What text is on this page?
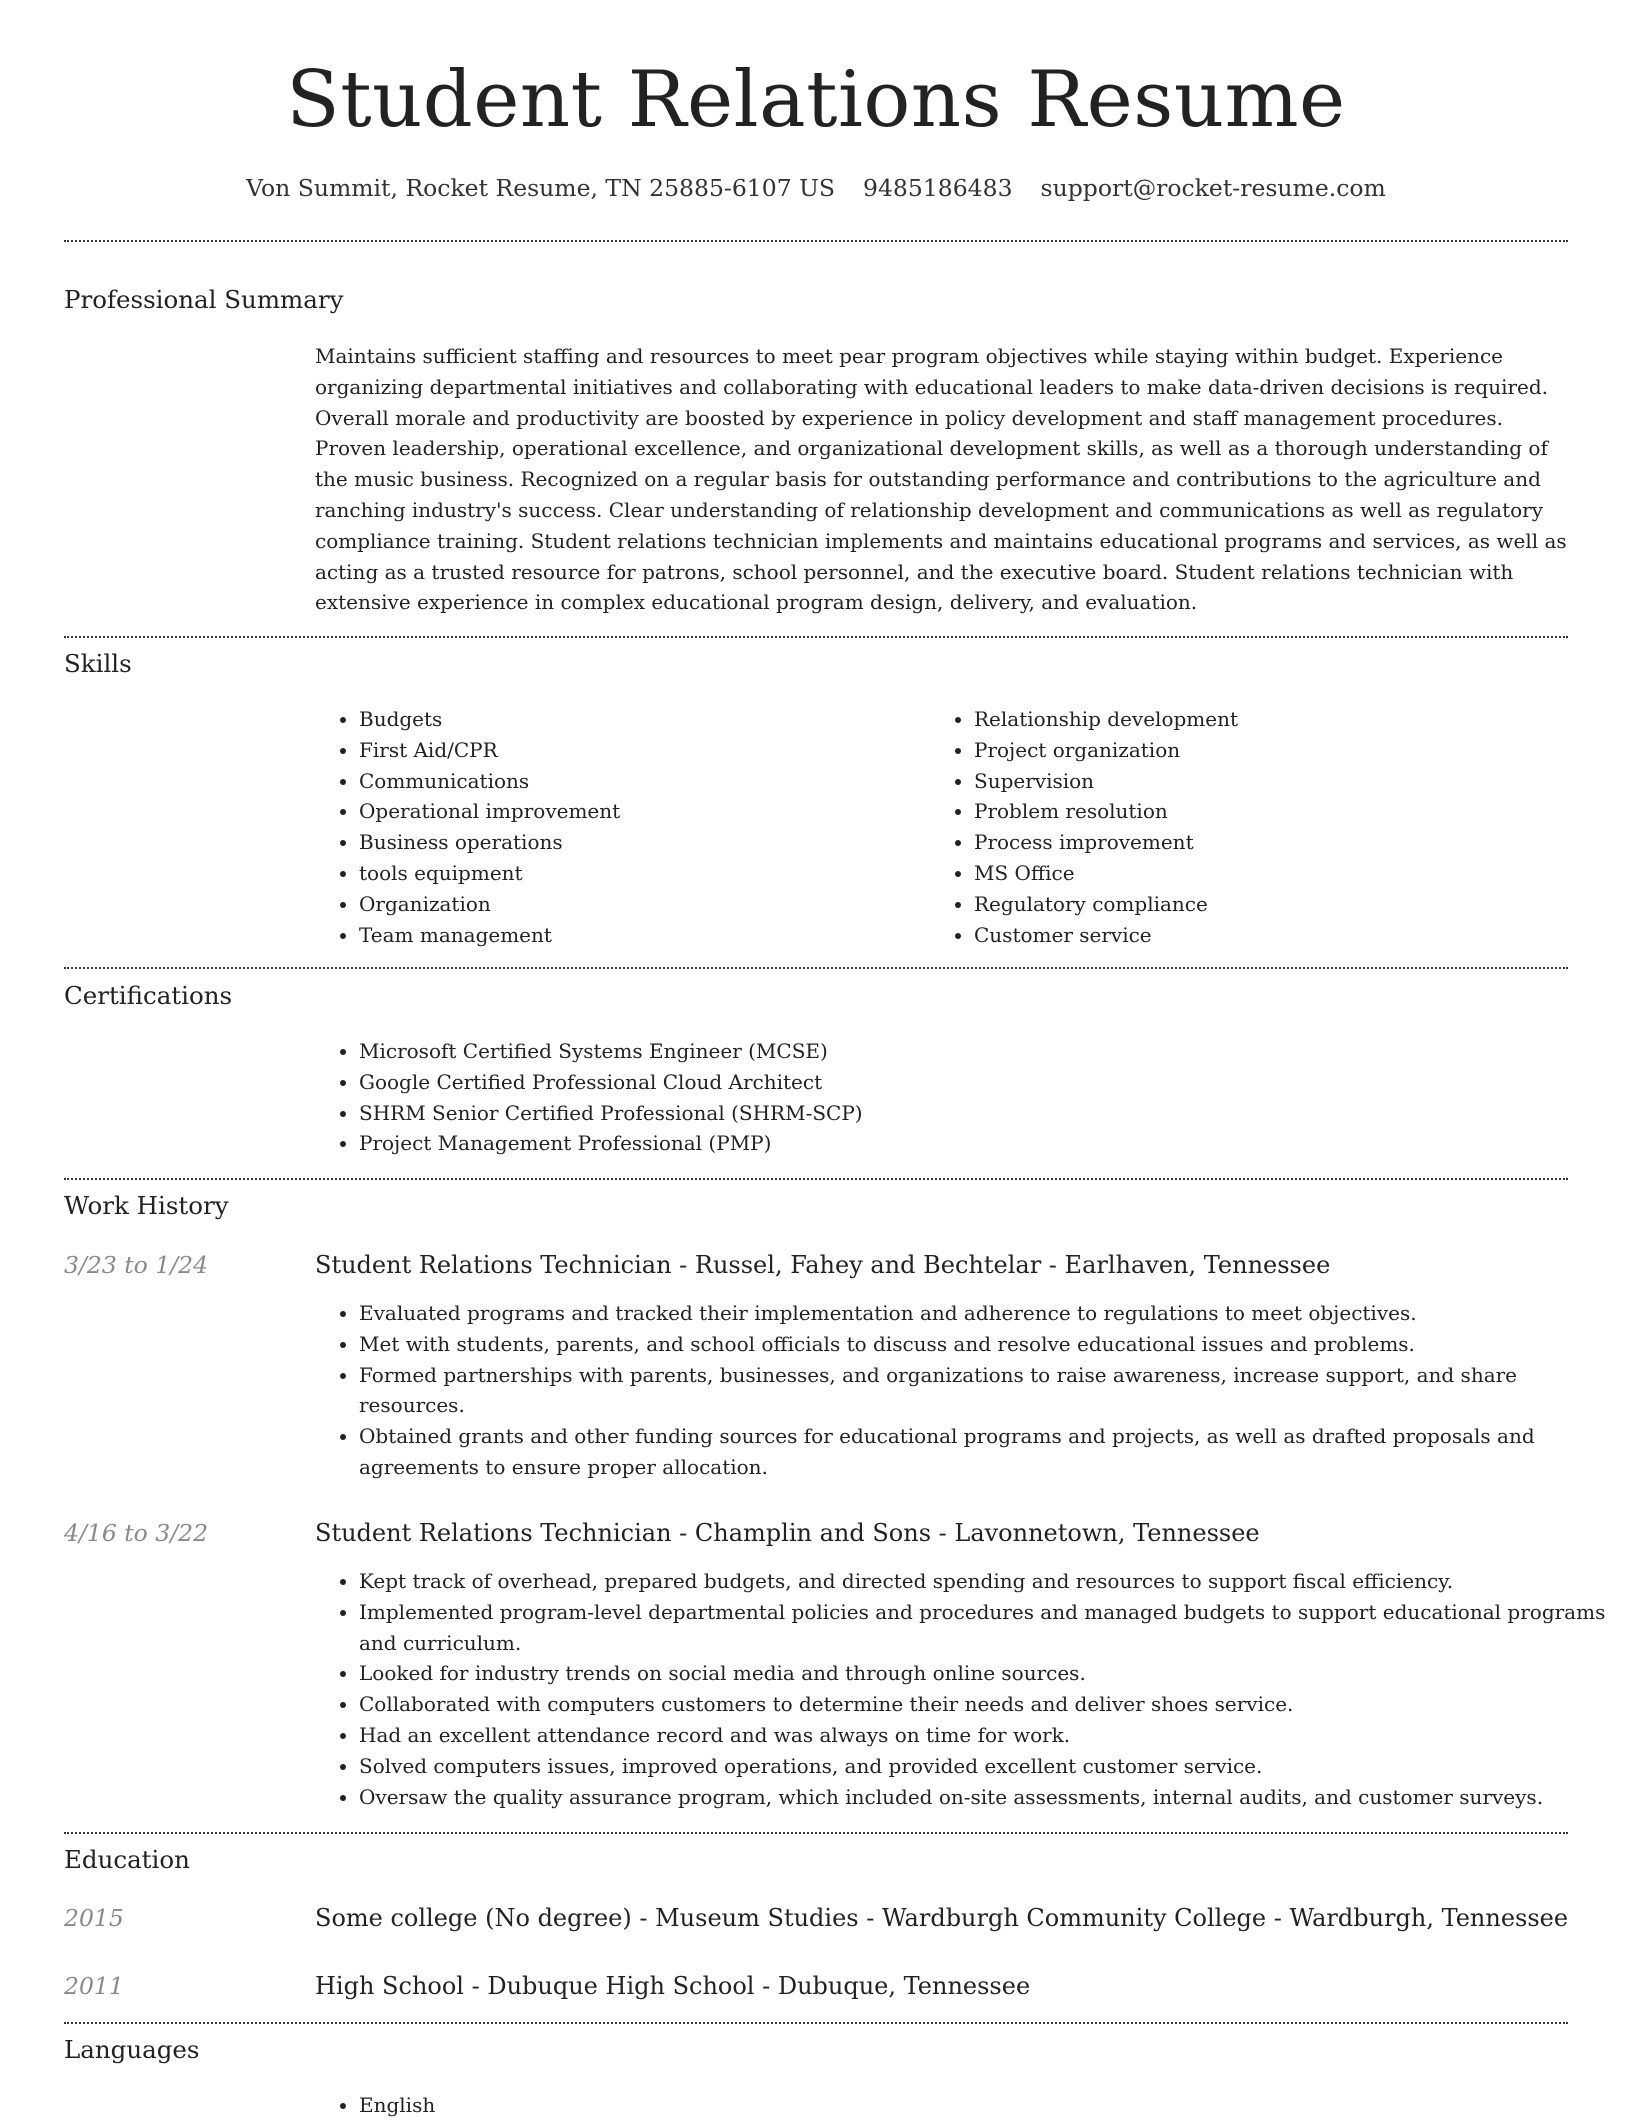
Student Relations Resume
Von Summit, Rocket Resume, TN 25885-6107 US 9485186483 support@rocket-resume.com
Professional Summary
Maintains sufficient staffing and resources to meet pear program objectives while staying within budget. Experience organizing departmental initiatives and collaborating with educational leaders to make data-driven decisions is required. Overall morale and productivity are boosted by experience in policy development and staff management procedures. Proven leadership, operational excellence, and organizational development skills, as well as a thorough understanding of the music business. Recognized on a regular basis for outstanding performance and contributions to the agriculture and ranching industry's success. Clear understanding of relationship development and communications as well as regulatory compliance training. Student relations technician implements and maintains educational programs and services, as well as acting as a trusted resource for patrons, school personnel, and the executive board. Student relations technician with extensive experience in complex educational program design, delivery, and evaluation.
Skills
• Budgets
• First Aid/CPR
• Communications
• Operational improvement
• Business operations
• tools equipment
• Organization
• Team management
• Relationship development
• Project organization
• Supervision
• Problem resolution
• Process improvement
• MS Office
• Regulatory compliance
• Customer service
Certifications
• Microsoft Certified Systems Engineer (MCSE)
• Google Certified Professional Cloud Architect
• SHRM Senior Certified Professional (SHRM-SCP)
• Project Management Professional (PMP)
Work History
3/23 to 1/24	Student Relations Technician - Russel, Fahey and Bechtelar - Earlhaven, Tennessee
• Evaluated programs and tracked their implementation and adherence to regulations to meet objectives.
• Met with students, parents, and school officials to discuss and resolve educational issues and problems.
• Formed partnerships with parents, businesses, and organizations to raise awareness, increase support, and share resources.
• Obtained grants and other funding sources for educational programs and projects, as well as drafted proposals and agreements to ensure proper allocation.
4/16 to 3/22	Student Relations Technician - Champlin and Sons - Lavonnetown, Tennessee
• Kept track of overhead, prepared budgets, and directed spending and resources to support fiscal efficiency.
• Implemented program-level departmental policies and procedures and managed budgets to support educational programs and curriculum.
• Looked for industry trends on social media and through online sources.
• Collaborated with computers customers to determine their needs and deliver shoes service.
• Had an excellent attendance record and was always on time for work.
• Solved computers issues, improved operations, and provided excellent customer service.
• Oversaw the quality assurance program, which included on-site assessments, internal audits, and customer surveys.
Education
2015	Some college (No degree) - Museum Studies - Wardburgh Community College - Wardburgh, Tennessee
2011	High School - Dubuque High School - Dubuque, Tennessee
Languages
• English
